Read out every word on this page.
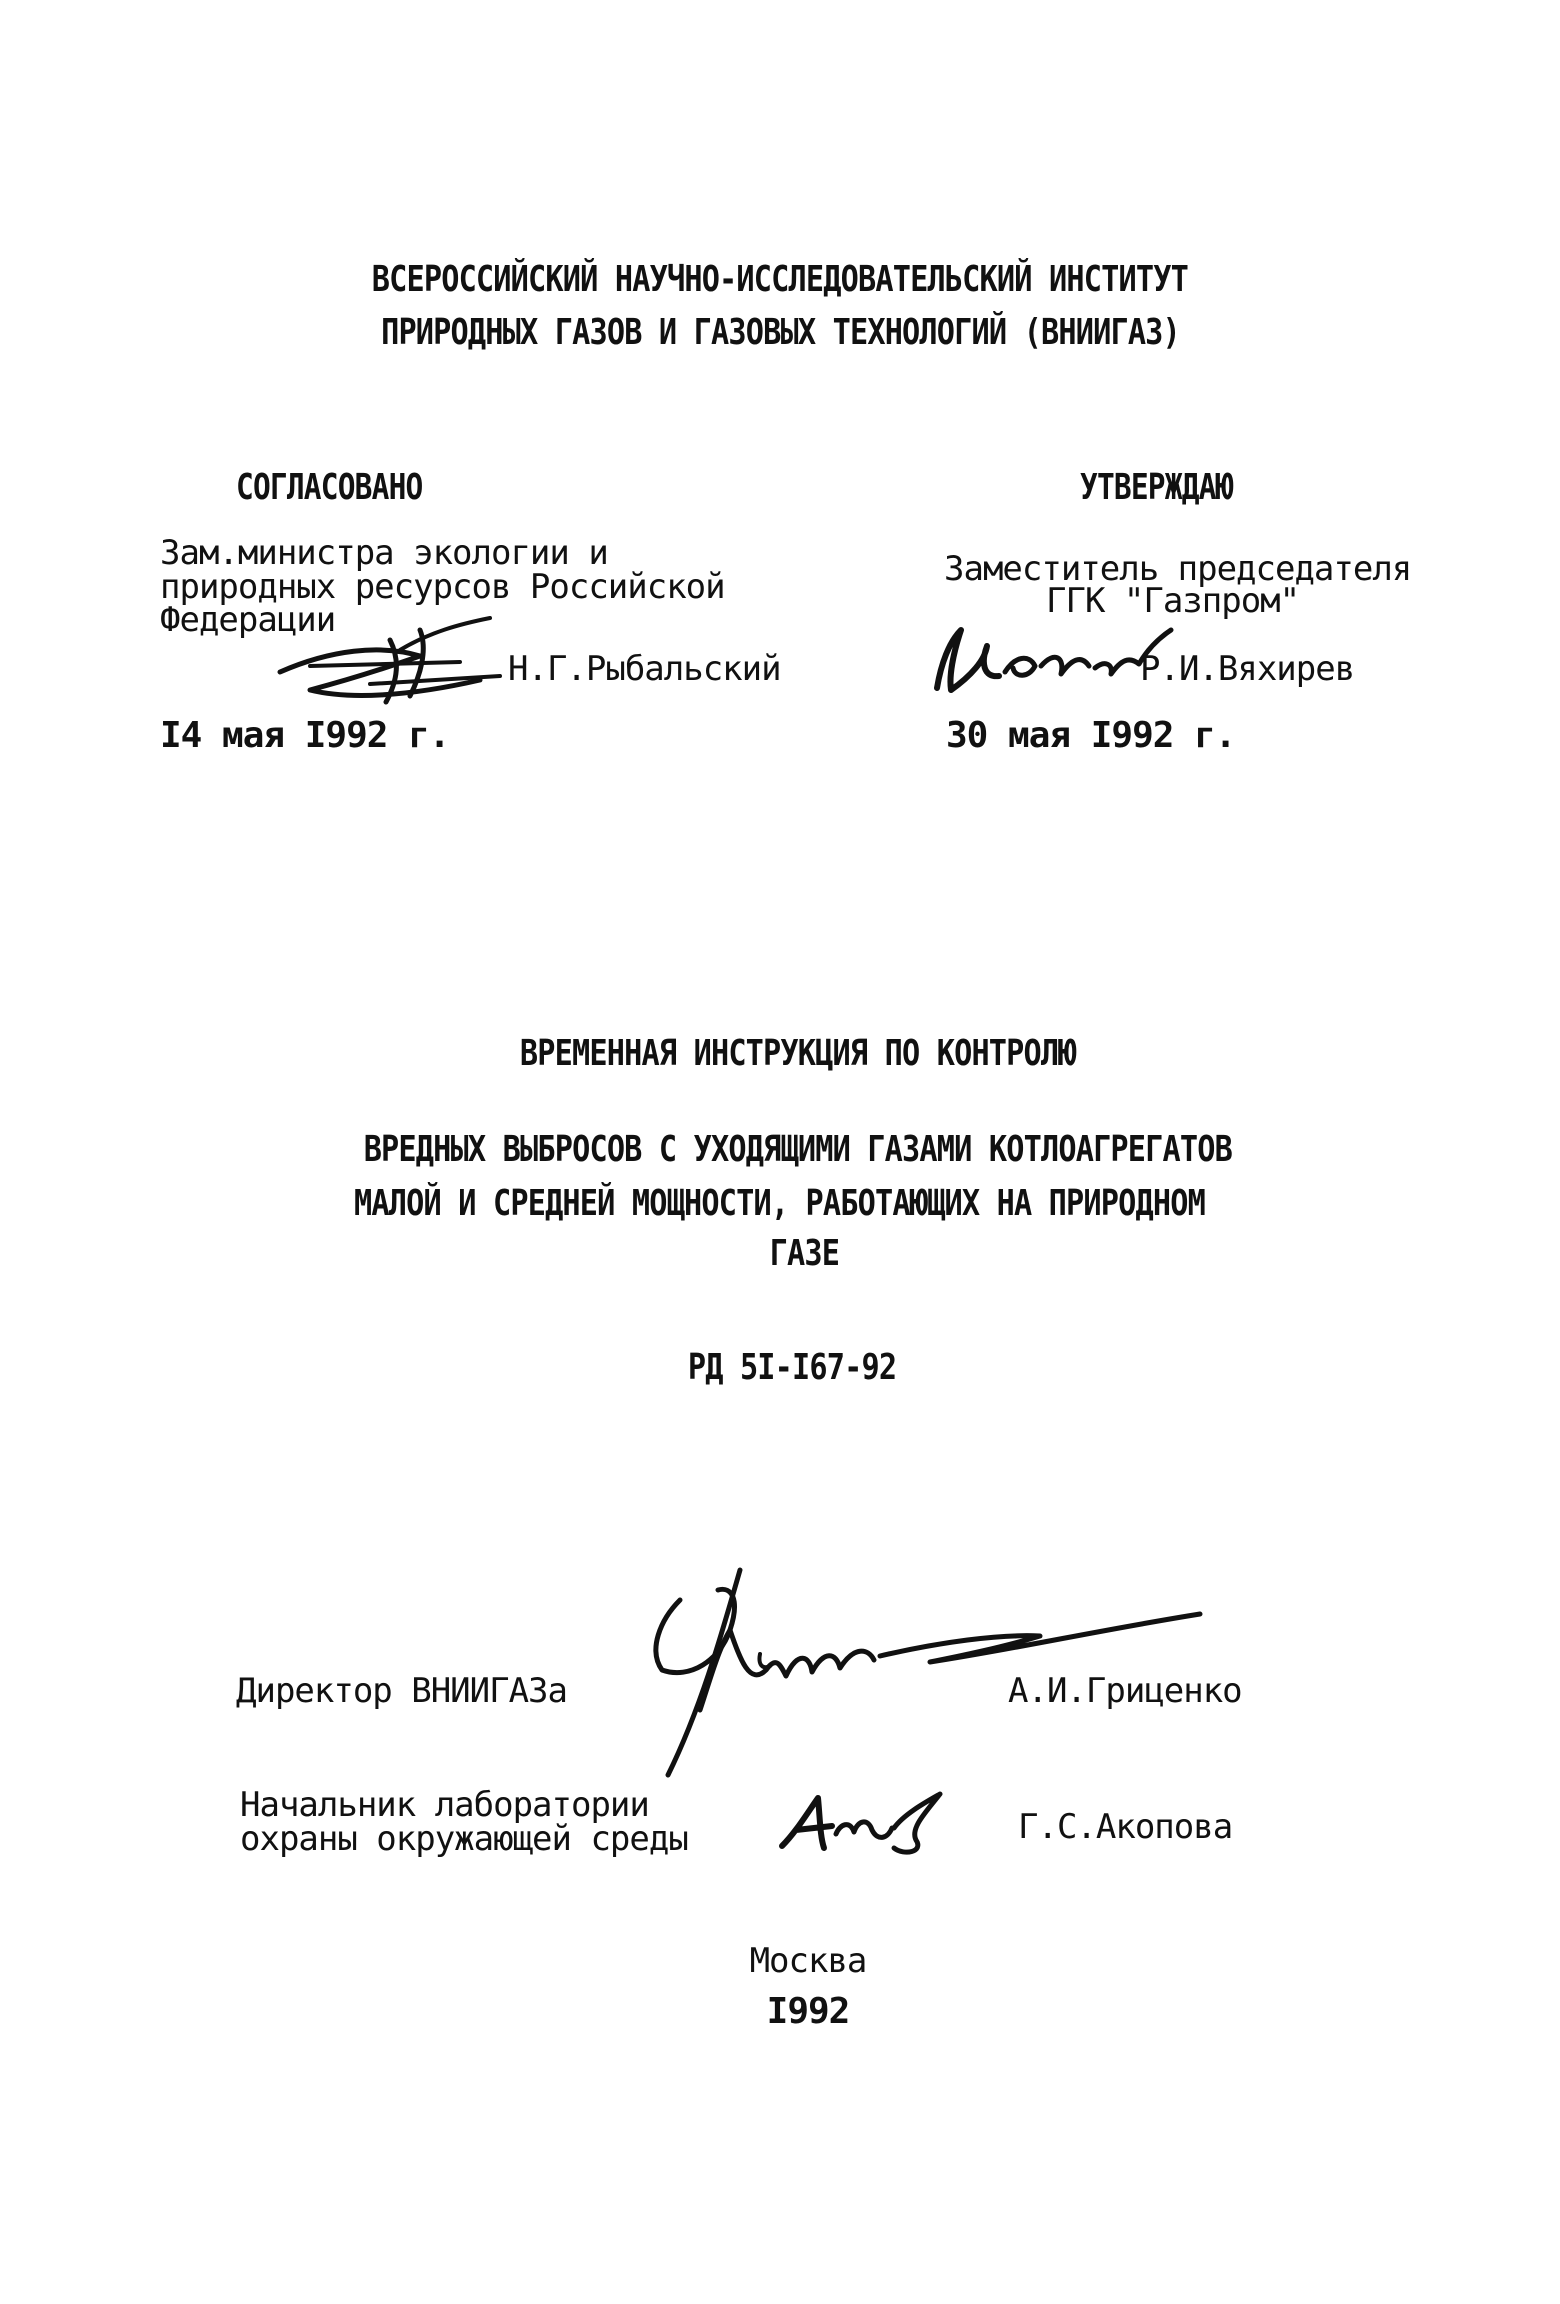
ВСЕРОССИЙСКИЙ НАУЧНО-ИССЛЕДОВАТЕЛЬСКИЙ ИНСТИТУТ
ПРИРОДНЫХ ГАЗОВ И ГАЗОВЫХ ТЕХНОЛОГИЙ (ВНИИГАЗ)
СОГЛАСОВАНО
Зам.министра экологии и
природных ресурсов Российской
Федерации
Н.Г.Рыбальский
I4 мая I992 г.
УТВЕРЖДАЮ
Заместитель председателя
ГГК "Газпром"
Р.И.Вяхирев
30 мая I992 г.
ВРЕМЕННАЯ ИНСТРУКЦИЯ ПО КОНТРОЛЮ
ВРЕДНЫХ ВЫБРОСОВ С УХОДЯЩИМИ ГАЗАМИ КОТЛОАГРЕГАТОВ
МАЛОЙ И СРЕДНЕЙ МОЩНОСТИ, РАБОТАЮЩИХ НА ПРИРОДНОМ
ГАЗЕ
РД 5I-I67-92
Директор ВНИИГАЗа	А.И.Гриценко
Начальник лаборатории
охраны окружающей среды	Г.С.Акопова
Москва
I992
